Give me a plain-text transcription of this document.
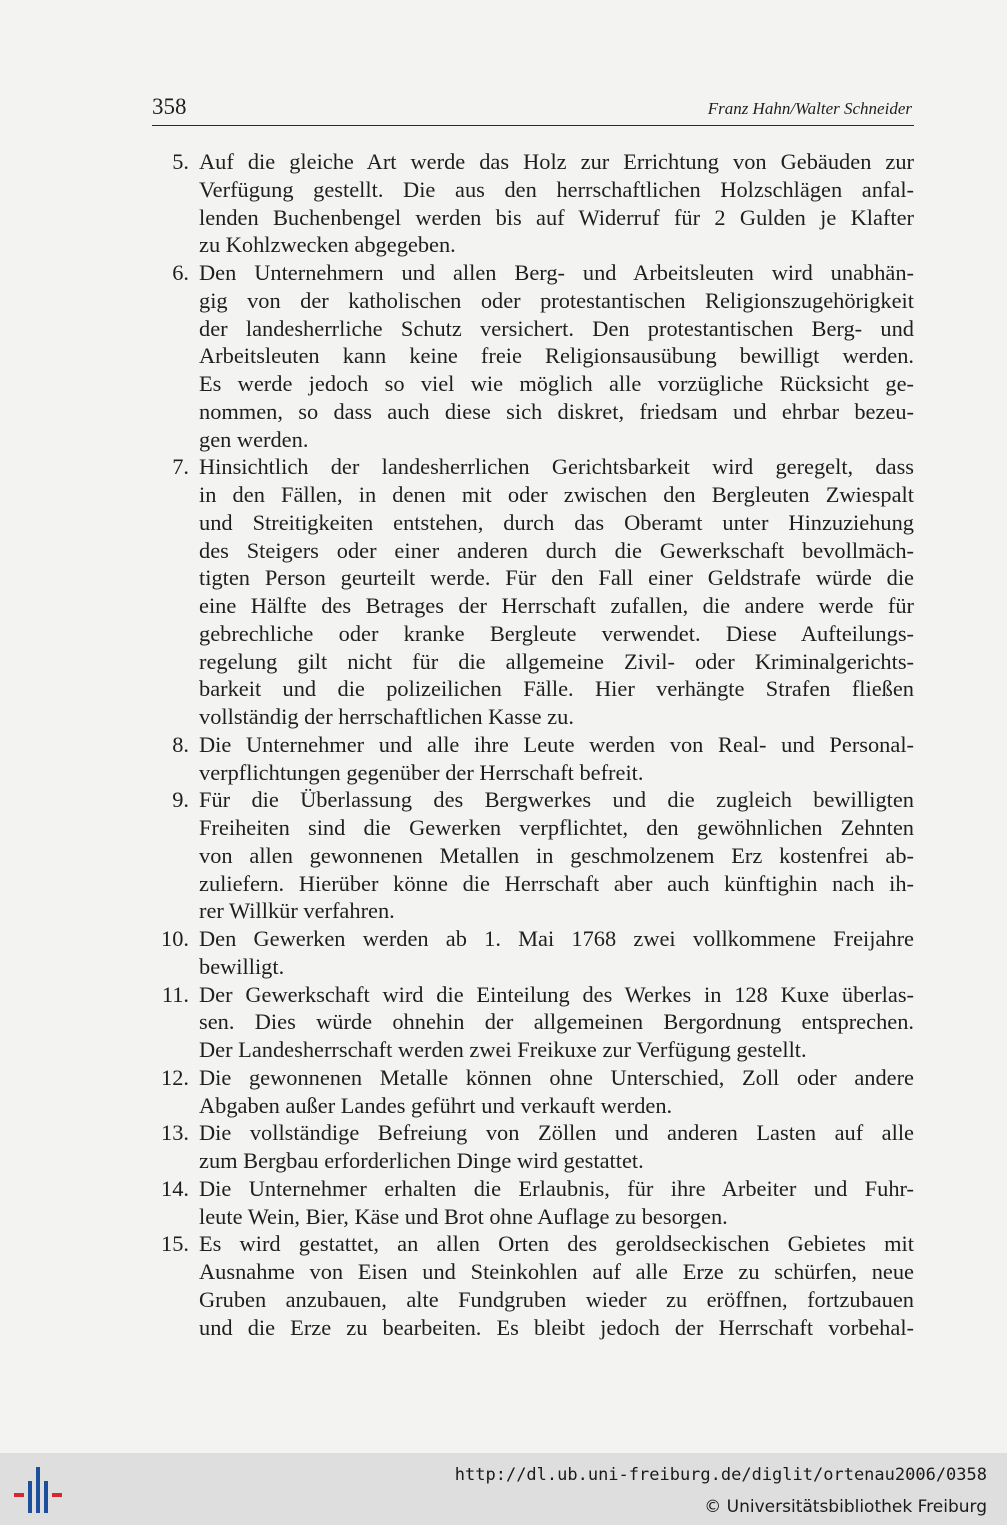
358	Franz Hahn/Walter Schneider
5. Auf die gleiche Art werde das Holz zur Errichtung von Gebäuden zur
Verfügung gestellt. Die aus den herrschaftlichen Holzschlägen anfal-
lenden Buchenbengel werden bis auf Widerruf für 2 Gulden je Klafter
zu Kohlzwecken abgegeben.
6. Den Unternehmern und allen Berg- und Arbeitsleuten wird unabhän-
gig von der katholischen oder protestantischen Religionszugehörigkeit
der landesherrliche Schutz versichert. Den protestantischen Berg- und
Arbeitsleuten kann keine freie Religionsausübung bewilligt werden.
Es werde jedoch so viel wie möglich alle vorzügliche Rücksicht ge-
nommen, so dass auch diese sich diskret, friedsam und ehrbar bezeu-
gen werden.
7. Hinsichtlich der landesherrlichen Gerichtsbarkeit wird geregelt, dass
in den Fällen, in denen mit oder zwischen den Bergleuten Zwiespalt
und Streitigkeiten entstehen, durch das Oberamt unter Hinzuziehung
des Steigers oder einer anderen durch die Gewerkschaft bevollmäch-
tigten Person geurteilt werde. Für den Fall einer Geldstrafe würde die
eine Hälfte des Betrages der Herrschaft zufallen, die andere werde für
gebrechliche oder kranke Bergleute verwendet. Diese Aufteilungs-
regelung gilt nicht für die allgemeine Zivil- oder Kriminalgerichts-
barkeit und die polizeilichen Fälle. Hier verhängte Strafen fließen
vollständig der herrschaftlichen Kasse zu.
8. Die Unternehmer und alle ihre Leute werden von Real- und Personal-
verpflichtungen gegenüber der Herrschaft befreit.
9. Für die Überlassung des Bergwerkes und die zugleich bewilligten
Freiheiten sind die Gewerken verpflichtet, den gewöhnlichen Zehnten
von allen gewonnenen Metallen in geschmolzenem Erz kostenfrei ab-
zuliefern. Hierüber könne die Herrschaft aber auch künftighin nach ih-
rer Willkür verfahren.
10. Den Gewerken werden ab 1. Mai 1768 zwei vollkommene Freijahre
bewilligt.
11. Der Gewerkschaft wird die Einteilung des Werkes in 128 Kuxe überlas-
sen. Dies würde ohnehin der allgemeinen Bergordnung entsprechen.
Der Landesherrschaft werden zwei Freikuxe zur Verfügung gestellt.
12. Die gewonnenen Metalle können ohne Unterschied, Zoll oder andere
Abgaben außer Landes geführt und verkauft werden.
13. Die vollständige Befreiung von Zöllen und anderen Lasten auf alle
zum Bergbau erforderlichen Dinge wird gestattet.
14. Die Unternehmer erhalten die Erlaubnis, für ihre Arbeiter und Fuhr-
leute Wein, Bier, Käse und Brot ohne Auflage zu besorgen.
15. Es wird gestattet, an allen Orten des geroldseckischen Gebietes mit
Ausnahme von Eisen und Steinkohlen auf alle Erze zu schürfen, neue
Gruben anzubauen, alte Fundgruben wieder zu eröffnen, fortzubauen
und die Erze zu bearbeiten. Es bleibt jedoch der Herrschaft vorbehal-
http://dl.ub.uni-freiburg.de/diglit/ortenau2006/0358
© Universitätsbibliothek Freiburg
